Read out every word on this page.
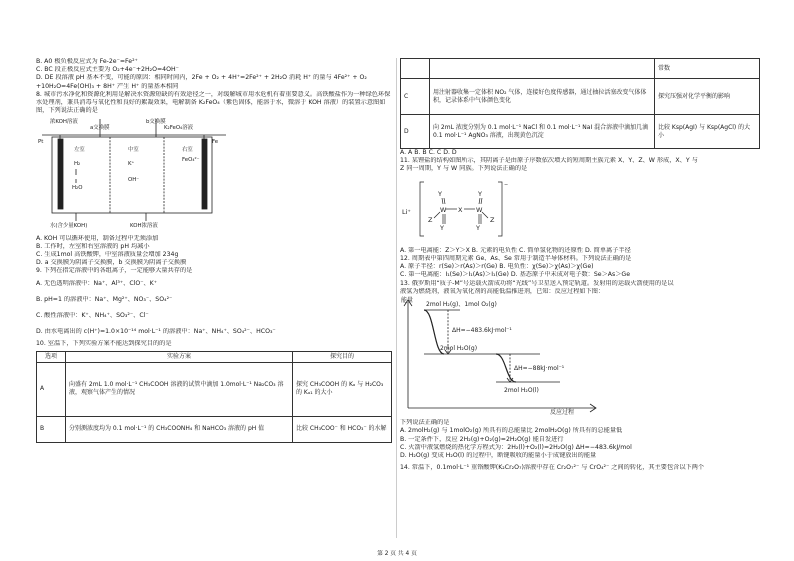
B. A0 极负极反应式为 Fe-2e⁻=Fe²⁺
C. BC 段正极反应式主要为 O₂+4e⁻+2H₂O=4OH⁻
D. DE 段溶液 pH 基本不变，可能的原因：相同时间内，2Fe + O₂ + 4H⁺=2Fe²⁺ + 2H₂O 消耗 H⁺ 的量与 4Fe²⁺ + O₂
+10H₂O=4Fe(OH)₃ + 8H⁺ 产生 H⁺ 的量基本相同
8. 城市污水净化和资源化利用是解决水资源短缺的有效途径之一，对缓解城市用水危机有着重要意义。高铁酸盐作为一种绿色环保
水处理剂，兼具消毒与氧化性和良好的絮凝效果，电解制备 K₂FeO₄（紫色固体，能溶于水，微溶于 KOH 溶液）的装置示意图如图，下列说法正确的是
浓KOH溶液
a交换膜
b交换膜
K₂FeO₄溶液
Pt	Fe
左室	中室	右室
H₂	K⁺
FeO₄²⁻
OH⁻
H₂O
水(含少量KOH)	KOH浓溶液
A. KOH 可以循环使用，制备过程中无须添加
B. 工作时，左室和右室溶液的 pH 均减小
C. 生成1mol 高铁酸钾，中室溶液质量会增加 234g
D. a 交换膜为阴离子交换膜，b 交换膜为阴离子交换膜
9. 下列在指定溶液中的各组离子，一定能够大量共存的是
A. 无色透明溶液中：Na⁺、Al³⁺、ClO⁻、K⁺
B. pH=1 的溶液中：Na⁺、Mg²⁺、NO₃⁻、SO₄²⁻
C. 酸性溶液中：K⁺、NH₄⁺、SO₃²⁻、Cl⁻
D. 由水电离出的 c(H⁺)=1.0×10⁻¹⁴ mol·L⁻¹ 的溶液中：Na⁺、NH₄⁺、SO₄²⁻、HCO₃⁻
10. 室温下，下列实验方案不能达到探究目的的是
选项	实验方案	探究目的
A	向盛有 2mL 1.0 mol·L⁻¹ CH₃COOH 溶液的试管中滴加 1.0mol·L⁻¹ Na₂CO₃ 溶液，观察气体产生的情况	探究 CH₃COOH 的 Kₐ 与 H₂CO₃ 的 Kₐ₁ 的大小
B	分别测浓度均为 0.1 mol·L⁻¹ 的 CH₃COONH₄ 和 NaHCO₃ 溶液的 pH 值	比较 CH₃COO⁻ 和 HCO₃⁻ 的水解
		常数
C	用注射器收集一定体积 NO₂ 气体，连接好色度传感器，通过抽拉活塞改变气体体积，记录体系中气体颜色变化	探究压强对化学平衡的影响
D	向 2mL 浓度分别为 0.1 mol·L⁻¹ NaCl 和 0.1 mol·L⁻¹ NaI 混合溶液中滴加几滴 0.1 mol·L⁻¹ AgNO₃ 溶液，出现黄色沉淀	比较 Ksp(AgI) 与 Ksp(AgCl) 的大小
A. A B. B C. C D. D
11. 某锂盐的结构如图所示，其阴离子是由原子序数依次增大的短周期主族元素 X、Y、Z、W 形成，X、Y 与
Z 同一周期，Y 与 W 同族。下列说法正确的是
Li⁺	X
W	W
Y	Y
Y	Y
Z	Z
−
A. 第一电离能：Z＞Y＞X B. 元素的电负性 C. 简单氢化物的还原性 D. 简单离子半径
12. 周期表中第四周期元素 Ge、As、Se 常用于制造半导体材料。下列说法正确的是
A. 原子半径：r(Se)＞r(As)＞r(Ge) B. 电负性：χ(Se)＞χ(As)＞χ(Ge)
C. 第一电离能：I₁(Se)＞I₁(As)＞I₁(Ge) D. 基态原子中未成对电子数：Se＞As＞Ge
13. 俄罗斯用“质子-M”号运载火箭成功将“光线”号卫星送入预定轨道。发射用的运载火箭使用的是以
液氢为燃烧剂，液氧为氧化剂的高能低温推进剂，已知：反应过程如下图：
能量
反应过程
2mol H₂(g)、1mol O₂(g)
ΔH=−483.6kJ·mol⁻¹
2mol H₂O(g)
ΔH=−88kJ·mol⁻¹
2mol H₂O(l)
下列说法正确的是
A. 2molH₂(g) 与 1molO₂(g) 所具有的总能量比 2molH₂O(g) 所具有的总能量低
B. 一定条件下，反应 2H₂(g)+O₂(g)=2H₂O(g) 能自发进行
C. 火箭中液氢燃烧的热化学方程式为：2H₂(l)+O₂(l)=2H₂O(g) ΔH=−483.6kJ/mol
D. H₂O(g) 变成 H₂O(l) 的过程中，断键吸收的能量小于成键放出的能量
14. 常温下，0.1mol·L⁻¹ 重铬酸钾(K₂Cr₂O₇)溶液中存在 Cr₂O₇²⁻ 与 CrO₄²⁻ 之间的转化，其主要包含以下两个
第 2 页 共 4 页
